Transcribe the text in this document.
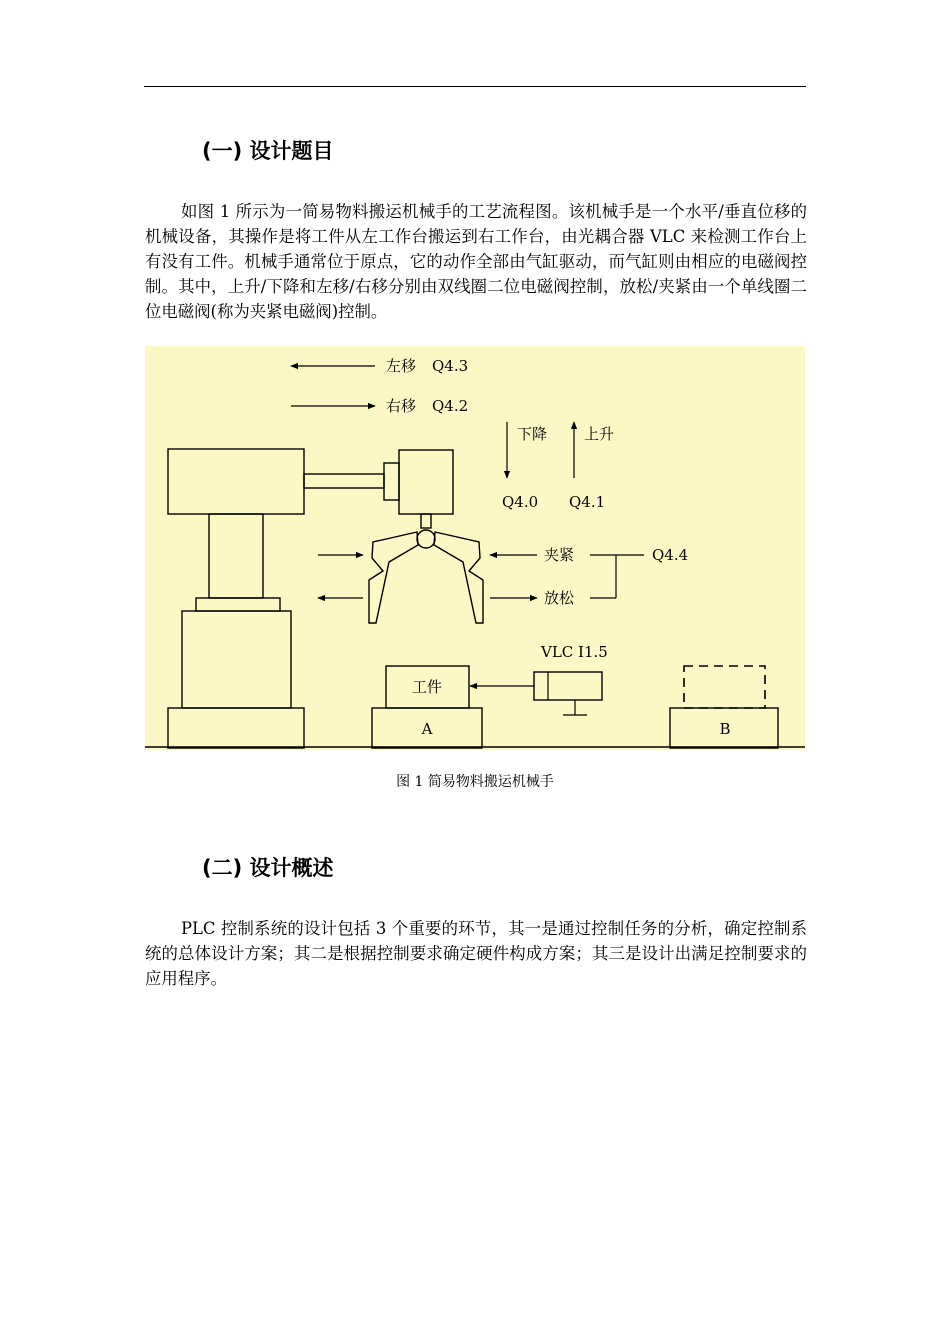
(一) 设计题目

如图 1 所示为一简易物料搬运机械手的工艺流程图。该机械手是一个水平/垂直位移的机械设备，其操作是将工件从左工作台搬运到右工作台，由光耦合器 VLC 来检测工作台上有没有工件。机械手通常位于原点，它的动作全部由气缸驱动，而气缸则由相应的电磁阀控制。其中，上升/下降和左移/右移分别由双线圈二位电磁阀控制，放松/夹紧由一个单线圈二位电磁阀(称为夹紧电磁阀)控制。

左移 Q4.3
右移 Q4.2
下降 上升
Q4.0 Q4.1
夹紧
放松
Q4.4
VLC I1.5
工件
A	B
图 1 简易物料搬运机械手
(二) 设计概述

PLC 控制系统的设计包括 3 个重要的环节，其一是通过控制任务的分析，确定控制系统的总体设计方案；其二是根据控制要求确定硬件构成方案；其三是设计出满足控制要求的应用程序。
